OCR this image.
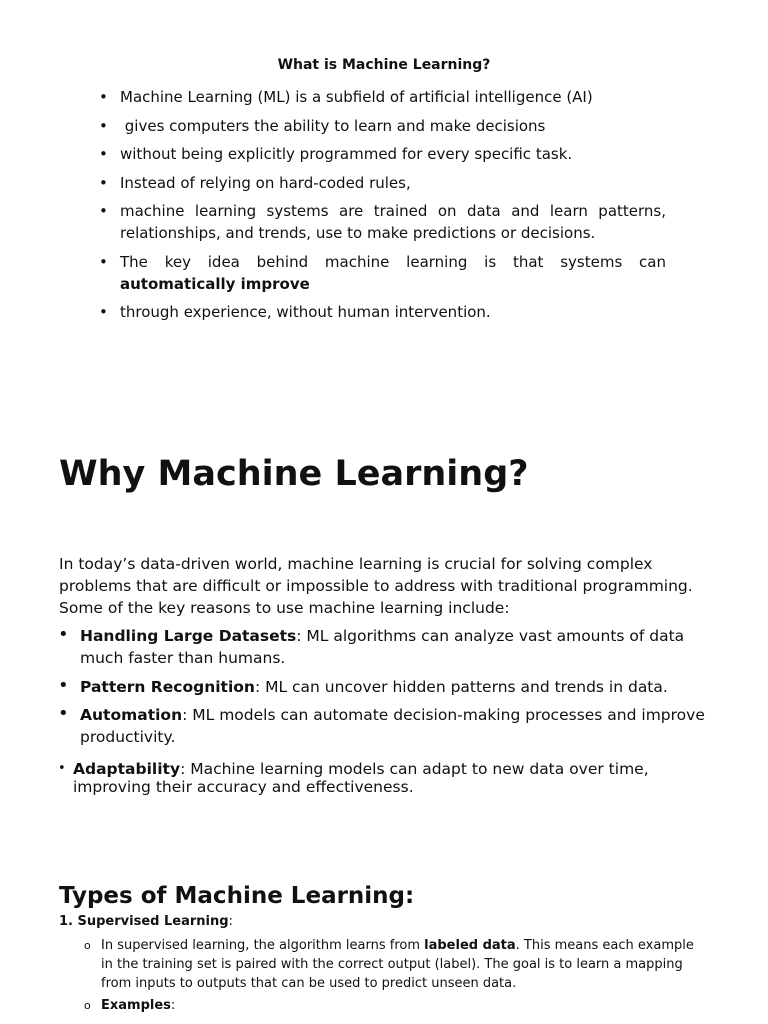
What is Machine Learning?
• Machine Learning (ML) is a subfield of artificial intelligence (AI)
• gives computers the ability to learn and make decisions
• without being explicitly programmed for every specific task.
• Instead of relying on hard-coded rules,
• machine learning systems are trained on data and learn patterns, relationships, and trends, use to make predictions or decisions.
• The key idea behind machine learning is that systems can
automatically improve
• through experience, without human intervention.
Why Machine Learning?

In today’s data-driven world, machine learning is crucial for solving complex problems that are difficult or impossible to address with traditional programming. Some of the key reasons to use machine learning include:

• Handling Large Datasets: ML algorithms can analyze vast amounts of data much faster than humans.
• Pattern Recognition: ML can uncover hidden patterns and trends in data.
• Automation: ML models can automate decision-making processes and improve productivity.
• Adaptability: Machine learning models can adapt to new data over time, improving their accuracy and effectiveness.
Types of Machine Learning:
1. Supervised Learning:
o In supervised learning, the algorithm learns from labeled data. This means each example in the training set is paired with the correct output (label). The goal is to learn a mapping from inputs to outputs that can be used to predict unseen data.
o Examples:
